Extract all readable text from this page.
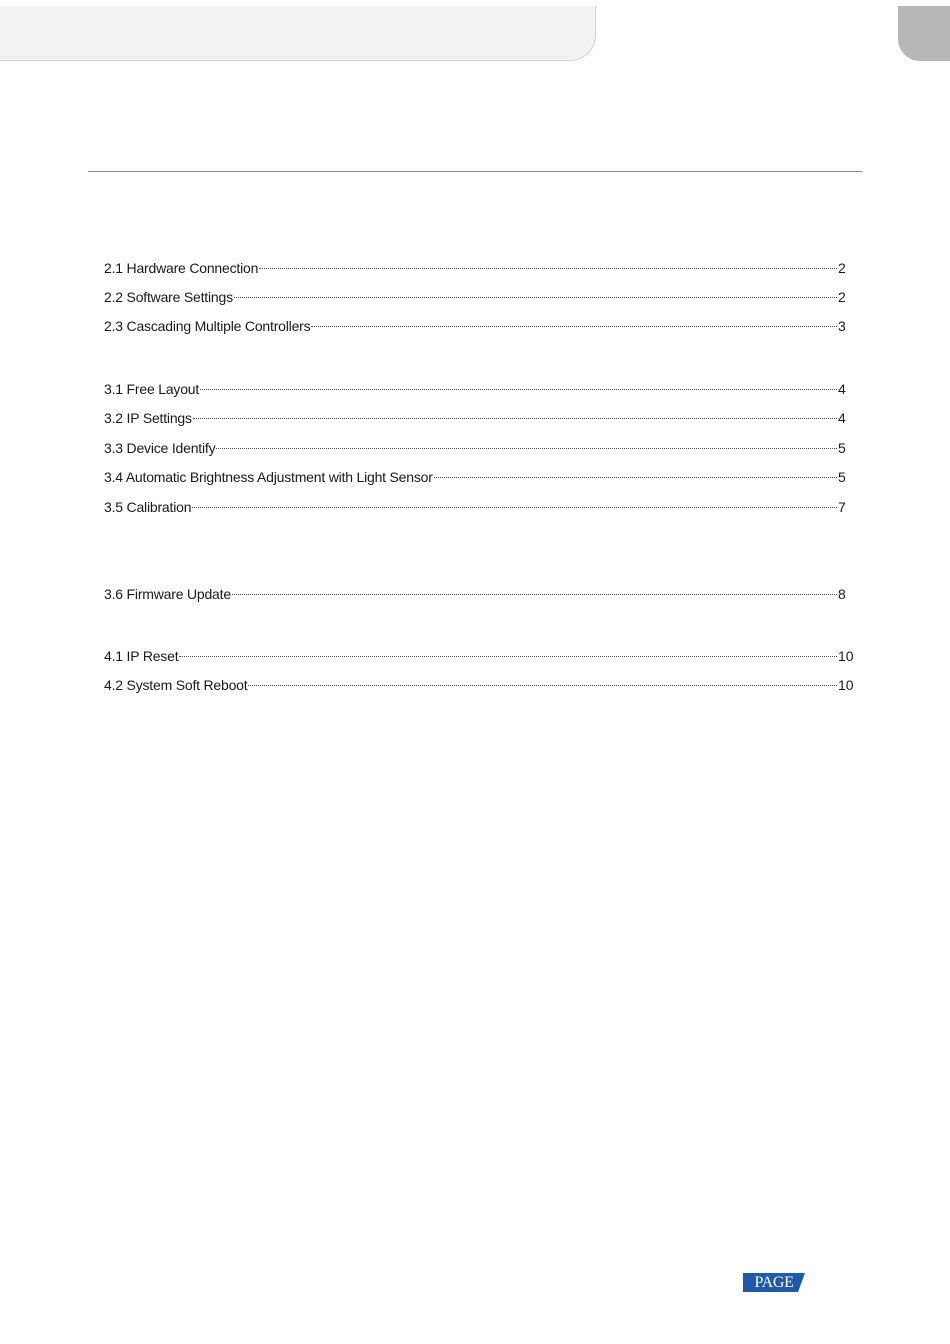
2.1 Hardware Connection	2
2.2 Software Settings	2
2.3 Cascading Multiple Controllers	3
3.1 Free Layout	4
3.2 IP Settings	4
3.3 Device Identify	5
3.4 Automatic Brightness Adjustment with Light Sensor	5
3.5 Calibration	7
3.6 Firmware Update	8
4.1 IP Reset	10
4.2 System Soft Reboot	10
PAGE
